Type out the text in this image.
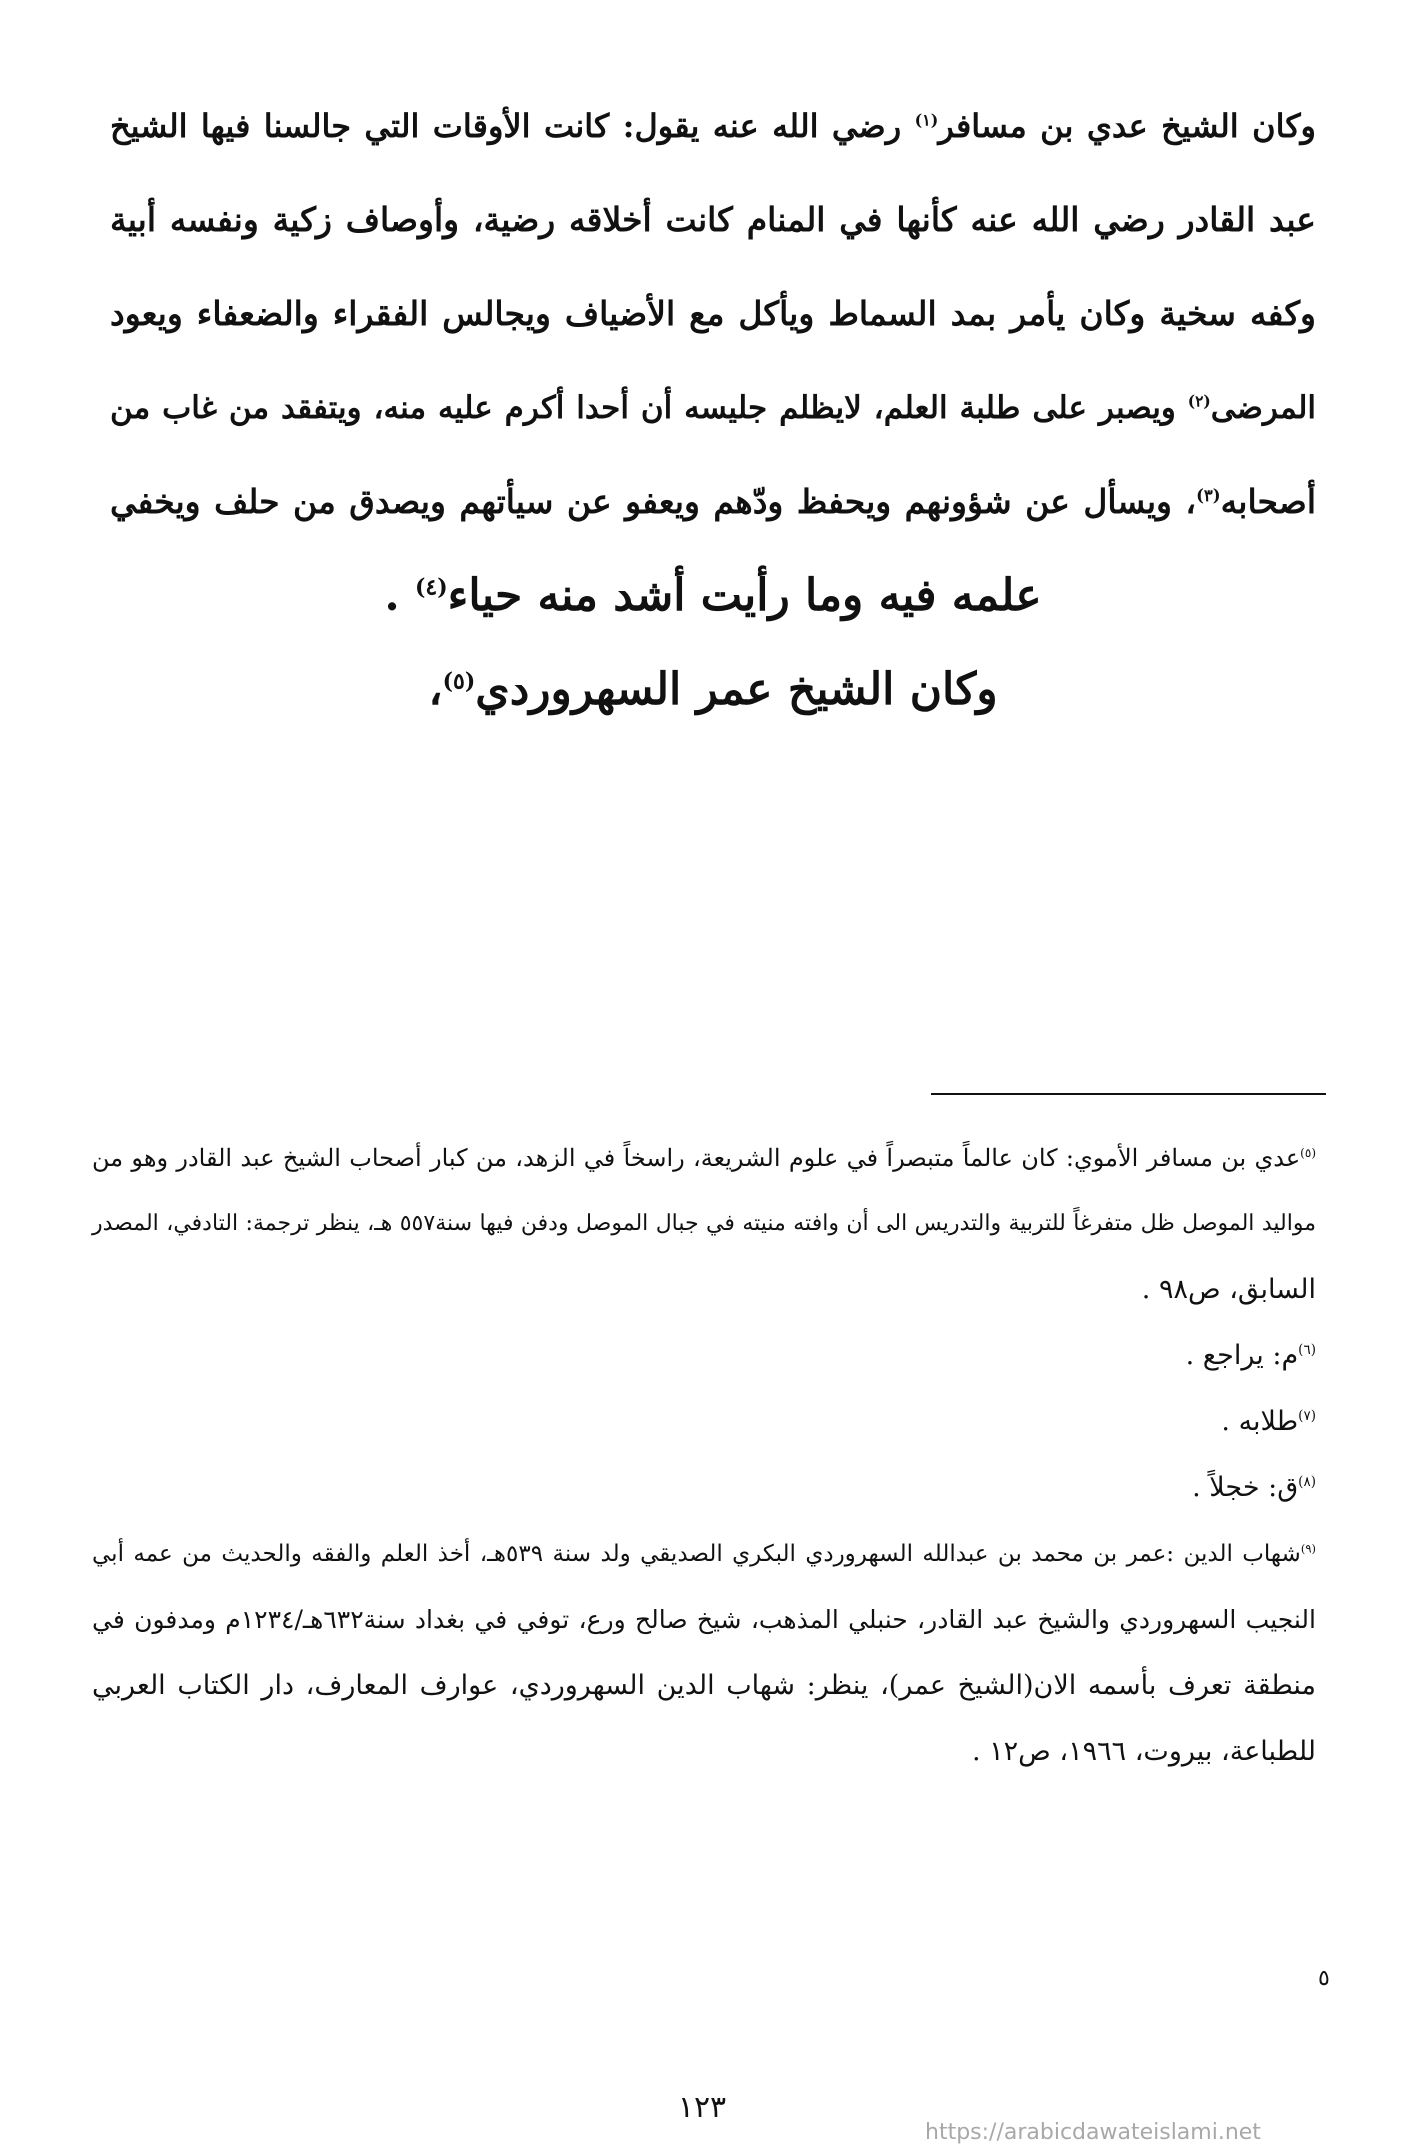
وكان الشيخ عدي بن مسافر$^{(١)}$ رضي الله عنه يقول: كانت الأوقات التي جالسنا فيها الشيخ
عبد القادر رضي الله عنه كأنها في المنام كانت أخلاقه رضية، وأوصاف زكية ونفسه أبية
وكفه سخية وكان يأمر بمد السماط ويأكل مع الأضياف ويجالس الفقراء والضعفاء ويعود
المرضى$^{(٢)}$ ويصبر على طلبة العلم، لايظلم جليسه أن أحدا أكرم عليه منه، ويتفقد من غاب من
أصحابه$^{(٣)}$، ويسأل عن شؤونهم ويحفظ ودّهم ويعفو عن سيأتهم ويصدق من حلف ويخفي
علمه فيه وما رأيت أشد منه حياء$^{(٤)}$ .
وكان الشيخ عمر السهروردي$^{(٥)}$،
$^{(٥)}$عدي بن مسافر الأموي: كان عالماً متبصراً في علوم الشريعة، راسخاً في الزهد، من كبار أصحاب الشيخ عبد القادر وهو من
مواليد الموصل ظل متفرغاً للتربية والتدريس الى أن وافته منيته في جبال الموصل ودفن فيها سنة٥٥٧ هـ، ينظر ترجمة: التادفي، المصدر
السابق، ص٩٨ .
$^{(٦)}$م: يراجع .
$^{(٧)}$طلابه .
$^{(٨)}$ق: خجلاً .
$^{(٩)}$شهاب الدين :عمر بن محمد بن عبدالله السهروردي البكري الصديقي ولد سنة ٥٣٩هـ، أخذ العلم والفقه والحديث من عمه أبي
النجيب السهروردي والشيخ عبد القادر، حنبلي المذهب، شيخ صالح ورع، توفي في بغداد سنة٦٣٢هـ/١٢٣٤م ومدفون في
منطقة تعرف بأسمه الان(الشيخ عمر)، ينظر: شهاب الدين السهروردي، عوارف المعارف، دار الكتاب العربي
للطباعة، بيروت، ١٩٦٦، ص١٢ .
٥
١٢٣
https://arabicdawateislami.net
